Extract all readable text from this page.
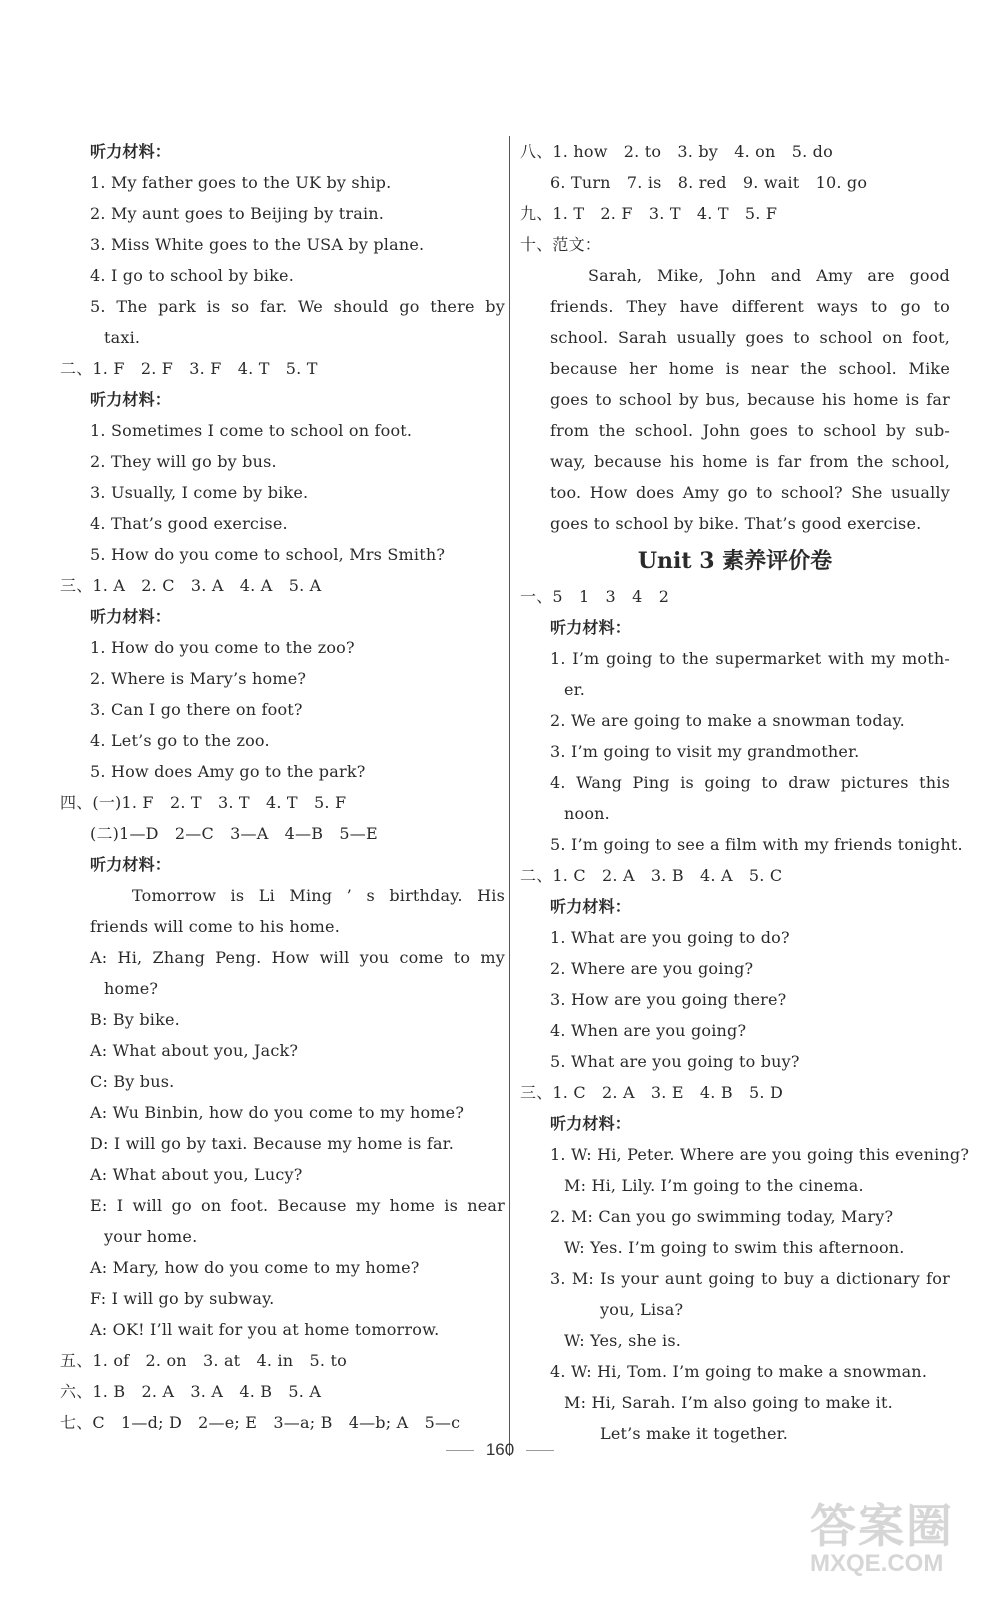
听力材料：
1. My father goes to the UK by ship.
2. My aunt goes to Beijing by train.
3. Miss White goes to the USA by plane.
4. I go to school by bike.
5. The park is so far. We should go there by
taxi.
二、1. F　2. F　3. F　4. T　5. T
听力材料：
1. Sometimes I come to school on foot.
2. They will go by bus.
3. Usually, I come by bike.
4. That’s good exercise.
5. How do you come to school, Mrs Smith?
三、1. A　2. C　3. A　4. A　5. A
听力材料：
1. How do you come to the zoo?
2. Where is Mary’s home?
3. Can I go there on foot?
4. Let’s go to the zoo.
5. How does Amy go to the park?
四、(一)1. F　2. T　3. T　4. T　5. F
(二)1—D　2—C　3—A　4—B　5—E
听力材料：
Tomorrow is Li Ming ’ s birthday. His
friends will come to his home.
A: Hi, Zhang Peng. How will you come to my
home?
B: By bike.
A: What about you, Jack?
C: By bus.
A: Wu Binbin, how do you come to my home?
D: I will go by taxi. Because my home is far.
A: What about you, Lucy?
E: I will go on foot. Because my home is near
your home.
A: Mary, how do you come to my home?
F: I will go by subway.
A: OK! I’ll wait for you at home tomorrow.
五、1. of　2. on　3. at　4. in　5. to
六、1. B　2. A　3. A　4. B　5. A
七、C　1—d; D　2—e; E　3—a; B　4—b; A　5—c
八、1. how　2. to　3. by　4. on　5. do
6. Turn　7. is　8. red　9. wait　10. go
九、1. T　2. F　3. T　4. T　5. F
十、范文：
Sarah, Mike, John and Amy are good
friends. They have different ways to go to
school. Sarah usually goes to school on foot,
because her home is near the school. Mike
goes to school by bus, because his home is far
from the school. John goes to school by sub-
way, because his home is far from the school,
too. How does Amy go to school? She usually
goes to school by bike. That’s good exercise.
Unit 3 素养评价卷
一、5　1　3　4　2
听力材料：
1. I’m going to the supermarket with my moth-
er.
2. We are going to make a snowman today.
3. I’m going to visit my grandmother.
4. Wang Ping is going to draw pictures this
noon.
5. I’m going to see a film with my friends tonight.
二、1. C　2. A　3. B　4. A　5. C
听力材料：
1. What are you going to do?
2. Where are you going?
3. How are you going there?
4. When are you going?
5. What are you going to buy?
三、1. C　2. A　3. E　4. B　5. D
听力材料：
1. W: Hi, Peter. Where are you going this evening?
M: Hi, Lily. I’m going to the cinema.
2. M: Can you go swimming today, Mary?
W: Yes. I’m going to swim this afternoon.
3. M: Is your aunt going to buy a dictionary for
you, Lisa?
W: Yes, she is.
4. W: Hi, Tom. I’m going to make a snowman.
M: Hi, Sarah. I’m also going to make it.
Let’s make it together.
160
答案圈
MXQE.COM
